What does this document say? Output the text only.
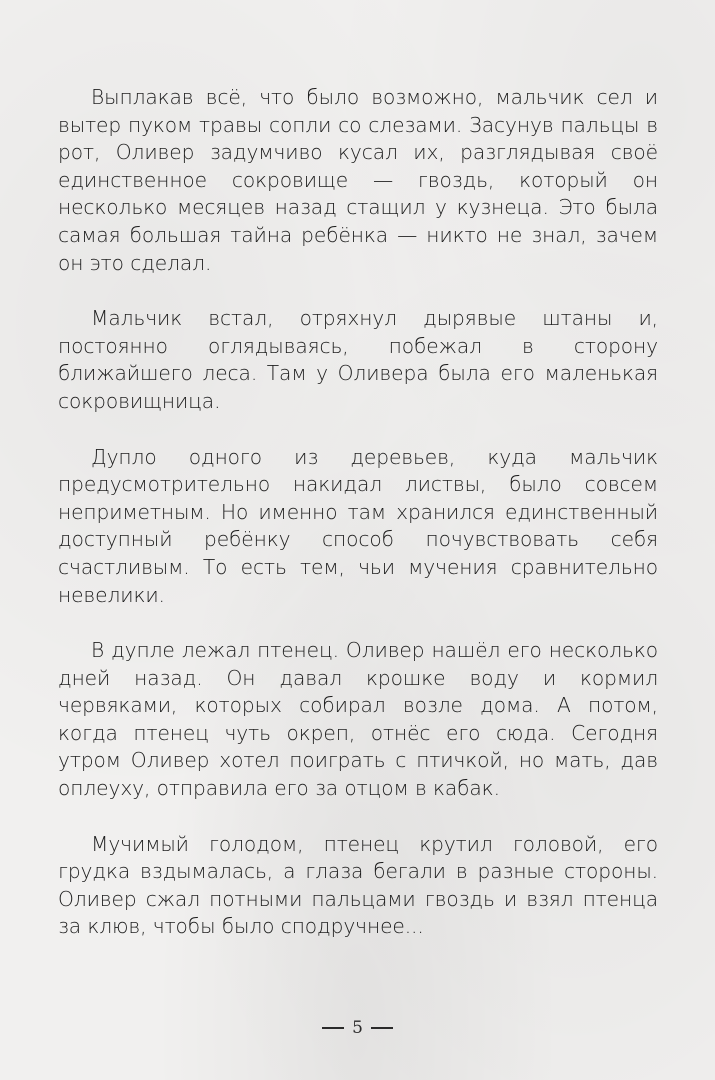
Выплакав всё, что было возможно, мальчик сел и вытер пуком травы сопли со слезами. Засунув пальцы в рот, Оливер задумчиво кусал их, разглядывая своё единственное сокровище — гвоздь, который он несколько месяцев назад стащил у кузнеца. Это была самая большая тайна ребёнка — никто не знал, зачем он это сделал.

Мальчик встал, отряхнул дырявые штаны и, постоянно оглядываясь, побежал в сторону ближайшего леса. Там у Оливера была его маленькая сокровищница.

Дупло одного из деревьев, куда мальчик предусмотрительно накидал листвы, было совсем неприметным. Но именно там хранился единственный доступный ребёнку способ почувствовать себя счастливым. То есть тем, чьи мучения сравнительно невелики.

В дупле лежал птенец. Оливер нашёл его несколько дней назад. Он давал крошке воду и кормил червяками, которых собирал возле дома. А потом, когда птенец чуть окреп, отнёс его сюда. Сегодня утром Оливер хотел поиграть с птичкой, но мать, дав оплеуху, отправила его за отцом в кабак.

Мучимый голодом, птенец крутил головой, его грудка вздымалась, а глаза бегали в разные стороны. Оливер сжал потными пальцами гвоздь и взял птенца за клюв, чтобы было сподручнее...

5
